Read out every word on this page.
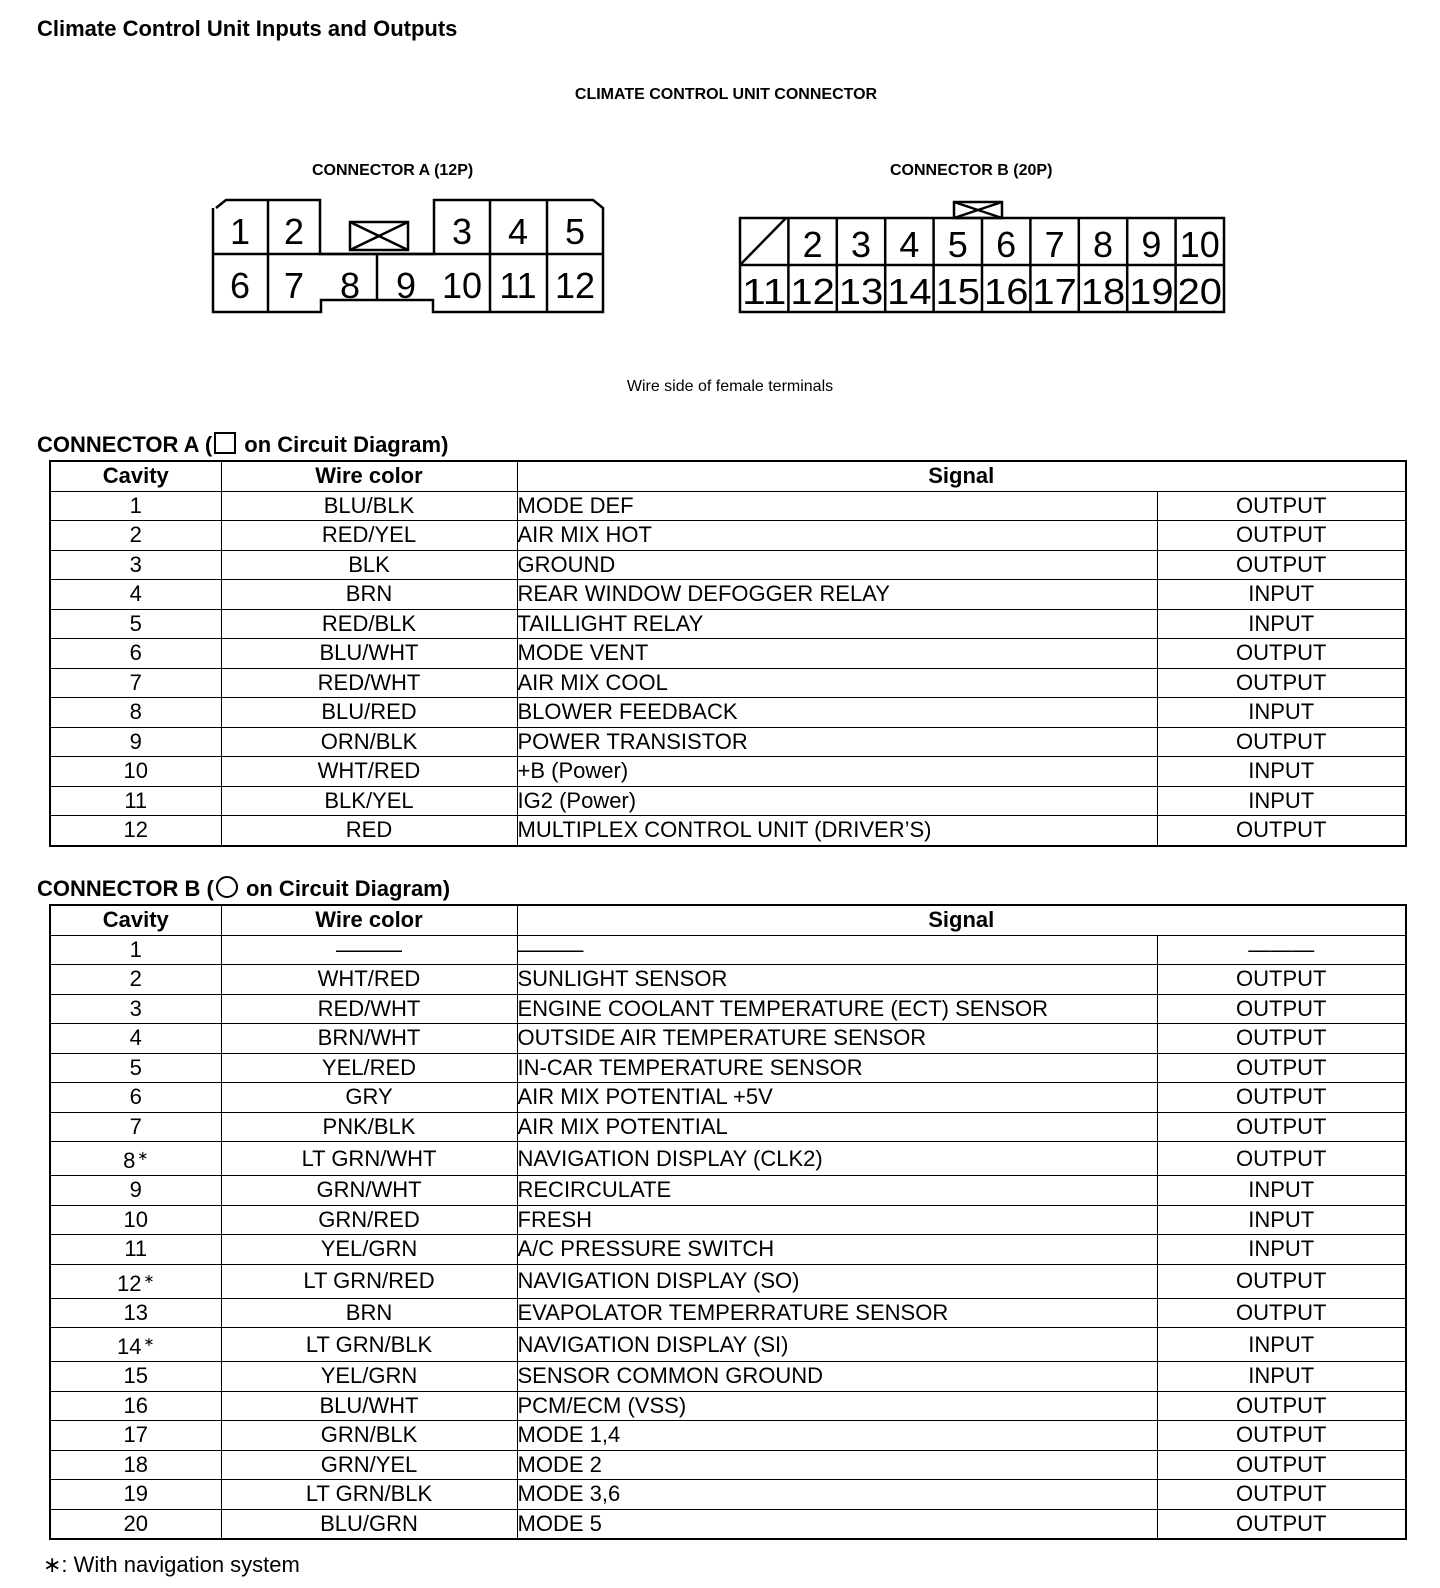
Climate Control Unit Inputs and Outputs
CLIMATE CONTROL UNIT CONNECTOR
CONNECTOR A (12P)	CONNECTOR B (20P)
1 2	3 4 5
6 7 8 9 10 11 12
2 3 4 5 6 7 8 9 10
11 12 13 14 15 16 17 18 19 20
Wire side of female terminals
CONNECTOR A ( on Circuit Diagram)
Cavity	Wire color	Signal	
1	BLU/BLK	MODE DEF	OUTPUT
2	RED/YEL	AIR MIX HOT	OUTPUT
3	BLK	GROUND	OUTPUT
4	BRN	REAR WINDOW DEFOGGER RELAY	INPUT
5	RED/BLK	TAILLIGHT RELAY	INPUT
6	BLU/WHT	MODE VENT	OUTPUT
7	RED/WHT	AIR MIX COOL	OUTPUT
8	BLU/RED	BLOWER FEEDBACK	INPUT
9	ORN/BLK	POWER TRANSISTOR	OUTPUT
10	WHT/RED	+B (Power)	INPUT
11	BLK/YEL	IG2 (Power)	INPUT
12	RED	MULTIPLEX CONTROL UNIT (DRIVER’S)	OUTPUT
CONNECTOR B ( on Circuit Diagram)
Cavity	Wire color	Signal	
1	———	———	———
2	WHT/RED	SUNLIGHT SENSOR	OUTPUT
3	RED/WHT	ENGINE COOLANT TEMPERATURE (ECT) SENSOR	OUTPUT
4	BRN/WHT	OUTSIDE AIR TEMPERATURE SENSOR	OUTPUT
5	YEL/RED	IN-CAR TEMPERATURE SENSOR	OUTPUT
6	GRY	AIR MIX POTENTIAL +5V	OUTPUT
7	PNK/BLK	AIR MIX POTENTIAL	OUTPUT
8 ∗	LT GRN/WHT	NAVIGATION DISPLAY (CLK2)	OUTPUT
9	GRN/WHT	RECIRCULATE	INPUT
10	GRN/RED	FRESH	INPUT
11	YEL/GRN	A/C PRESSURE SWITCH	INPUT
12 ∗	LT GRN/RED	NAVIGATION DISPLAY (SO)	OUTPUT
13	BRN	EVAPOLATOR TEMPERRATURE SENSOR	OUTPUT
14 ∗	LT GRN/BLK	NAVIGATION DISPLAY (SI)	INPUT
15	YEL/GRN	SENSOR COMMON GROUND	INPUT
16	BLU/WHT	PCM/ECM (VSS)	OUTPUT
17	GRN/BLK	MODE 1,4	OUTPUT
18	GRN/YEL	MODE 2	OUTPUT
19	LT GRN/BLK	MODE 3,6	OUTPUT
20	BLU/GRN	MODE 5	OUTPUT
∗: With navigation system
